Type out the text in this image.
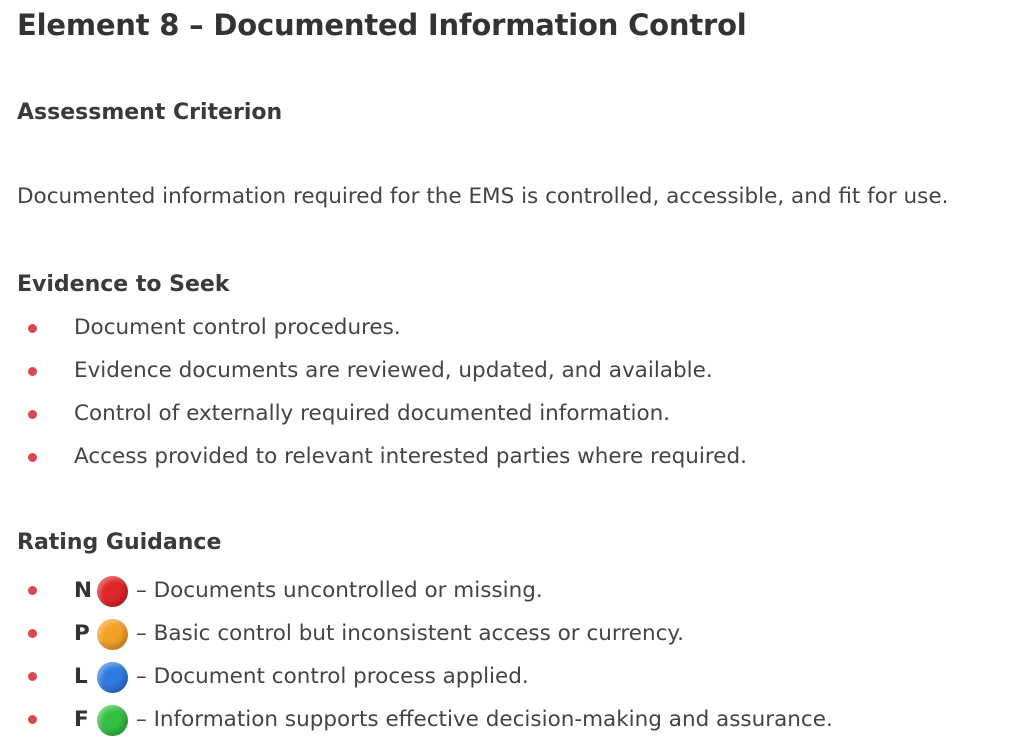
Element 8 – Documented Information Control
Assessment Criterion

Documented information required for the EMS is controlled, accessible, and fit for use.

Evidence to Seek
Document control procedures.
Evidence documents are reviewed, updated, and available.
Control of externally required documented information.
Access provided to relevant interested parties where required.
Rating Guidance
N – Documents uncontrolled or missing.
P	– Basic control but inconsistent access or currency.
L	– Document control process applied.
F	– Information supports effective decision-making and assurance.
